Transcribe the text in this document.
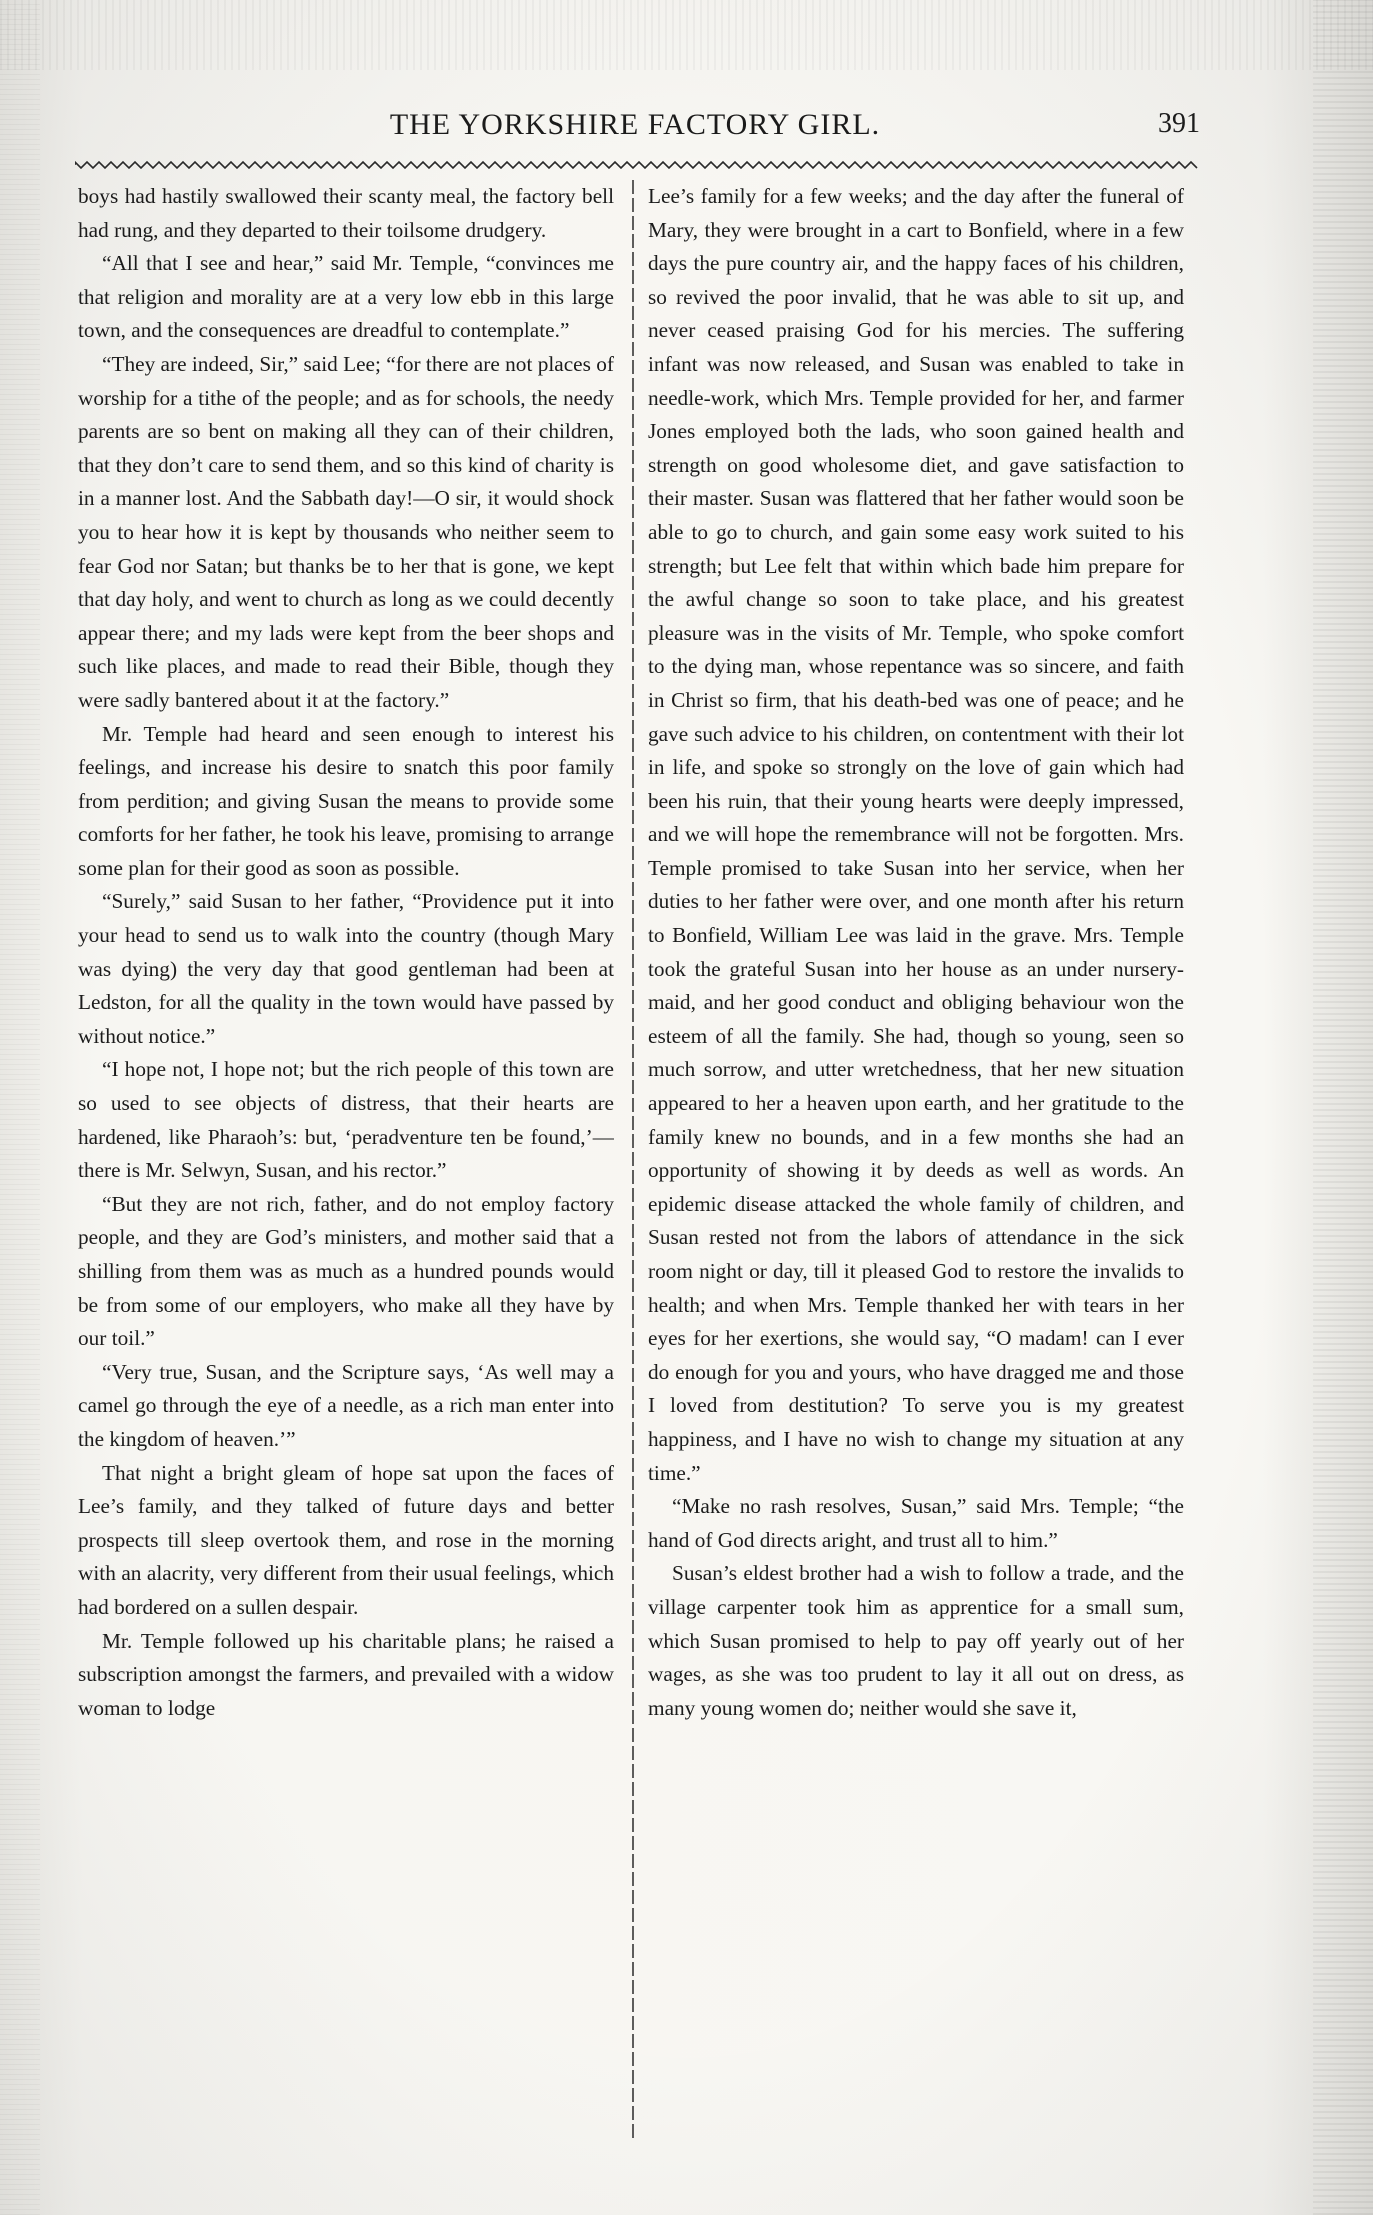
THE YORKSHIRE FACTORY GIRL.	391

boys had hastily swallowed their scanty meal, the factory bell had rung, and they departed to their toilsome drudgery.

“All that I see and hear,” said Mr. Temple, “convinces me that religion and morality are at a very low ebb in this large town, and the consequences are dreadful to contemplate.”

“They are indeed, Sir,” said Lee; “for there are not places of worship for a tithe of the people; and as for schools, the needy parents are so bent on making all they can of their children, that they don’t care to send them, and so this kind of charity is in a manner lost. And the Sabbath day!—O sir, it would shock you to hear how it is kept by thousands who neither seem to fear God nor Satan; but thanks be to her that is gone, we kept that day holy, and went to church as long as we could decently appear there; and my lads were kept from the beer shops and such like places, and made to read their Bible, though they were sadly bantered about it at the factory.”

Mr. Temple had heard and seen enough to interest his feelings, and increase his desire to snatch this poor family from perdition; and giving Susan the means to provide some comforts for her father, he took his leave, promising to arrange some plan for their good as soon as possible.

“Surely,” said Susan to her father, “Providence put it into your head to send us to walk into the country (though Mary was dying) the very day that good gentleman had been at Ledston, for all the quality in the town would have passed by without notice.”

“I hope not, I hope not; but the rich people of this town are so used to see objects of distress, that their hearts are hardened, like Pharaoh’s: but, ‘peradventure ten be found,’—there is Mr. Selwyn, Susan, and his rector.”

“But they are not rich, father, and do not employ factory people, and they are God’s ministers, and mother said that a shilling from them was as much as a hundred pounds would be from some of our employers, who make all they have by our toil.”

“Very true, Susan, and the Scripture says, ‘As well may a camel go through the eye of a needle, as a rich man enter into the kingdom of heaven.’”

That night a bright gleam of hope sat upon the faces of Lee’s family, and they talked of future days and better prospects till sleep overtook them, and rose in the morning with an alacrity, very different from their usual feelings, which had bordered on a sullen despair.

Mr. Temple followed up his charitable plans; he raised a subscription amongst the farmers, and prevailed with a widow woman to lodge

Lee’s family for a few weeks; and the day after the funeral of Mary, they were brought in a cart to Bonfield, where in a few days the pure country air, and the happy faces of his children, so revived the poor invalid, that he was able to sit up, and never ceased praising God for his mercies. The suffering infant was now released, and Susan was enabled to take in needle-work, which Mrs. Temple provided for her, and farmer Jones employed both the lads, who soon gained health and strength on good wholesome diet, and gave satisfaction to their master. Susan was flattered that her father would soon be able to go to church, and gain some easy work suited to his strength; but Lee felt that within which bade him prepare for the awful change so soon to take place, and his greatest pleasure was in the visits of Mr. Temple, who spoke comfort to the dying man, whose repentance was so sincere, and faith in Christ so firm, that his death-bed was one of peace; and he gave such advice to his children, on contentment with their lot in life, and spoke so strongly on the love of gain which had been his ruin, that their young hearts were deeply impressed, and we will hope the remembrance will not be forgotten. Mrs. Temple promised to take Susan into her service, when her duties to her father were over, and one month after his return to Bonfield, William Lee was laid in the grave. Mrs. Temple took the grateful Susan into her house as an under nursery-maid, and her good conduct and obliging behaviour won the esteem of all the family. She had, though so young, seen so much sorrow, and utter wretchedness, that her new situation appeared to her a heaven upon earth, and her gratitude to the family knew no bounds, and in a few months she had an opportunity of showing it by deeds as well as words. An epidemic disease attacked the whole family of children, and Susan rested not from the labors of attendance in the sick room night or day, till it pleased God to restore the invalids to health; and when Mrs. Temple thanked her with tears in her eyes for her exertions, she would say, “O madam! can I ever do enough for you and yours, who have dragged me and those I loved from destitution? To serve you is my greatest happiness, and I have no wish to change my situation at any time.”

“Make no rash resolves, Susan,” said Mrs. Temple; “the hand of God directs aright, and trust all to him.”

Susan’s eldest brother had a wish to follow a trade, and the village carpenter took him as apprentice for a small sum, which Susan promised to help to pay off yearly out of her wages, as she was too prudent to lay it all out on dress, as many young women do; neither would she save it,
